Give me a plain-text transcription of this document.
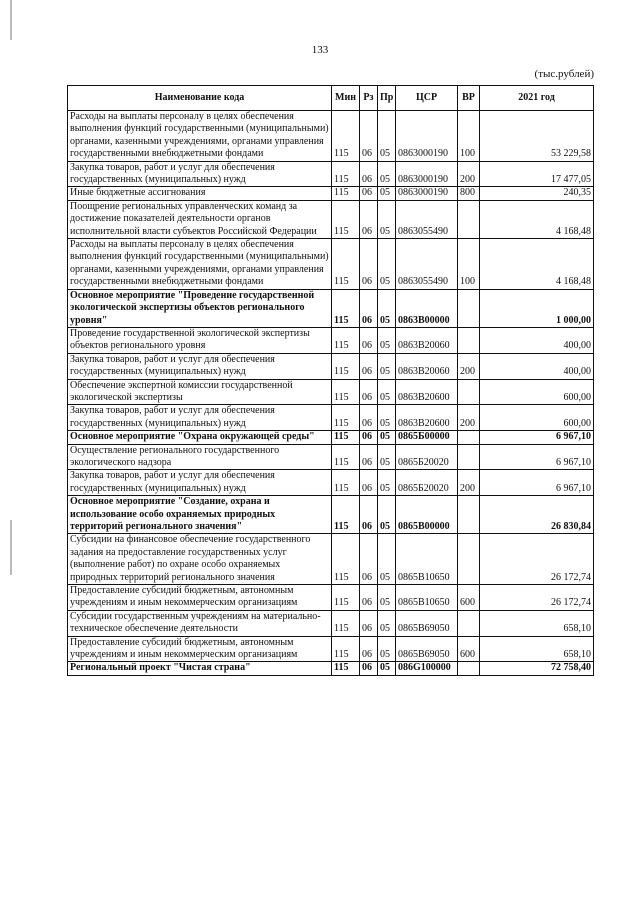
133
(тыс.рублей)
Наименование кода	Мин	Рз	Пр	ЦСР	ВР	2021 год
Расходы на выплаты персоналу в целях обеспечения выполнения функций государственными (муниципальными) органами, казенными учреждениями, органами управления государственными внебюджетными фондами	115	06	05	0863000190	100	53 229,58
Закупка товаров, работ и услуг для обеспечения государственных (муниципальных) нужд	115	06	05	0863000190	200	17 477,05
Иные бюджетные ассигнования	115	06	05	0863000190	800	240,35
Поощрение региональных управленческих команд за достижение показателей деятельности органов исполнительной власти субъектов Российской Федерации	115	06	05	0863055490		4 168,48
Расходы на выплаты персоналу в целях обеспечения выполнения функций государственными (муниципальными) органами, казенными учреждениями, органами управления государственными внебюджетными фондами	115	06	05	0863055490	100	4 168,48
Основное мероприятие "Проведение государственной экологической экспертизы объектов регионального уровня"	115	06	05	0863B00000		1 000,00
Проведение государственной экологической экспертизы объектов регионального уровня	115	06	05	0863B20060		400,00
Закупка товаров, работ и услуг для обеспечения государственных (муниципальных) нужд	115	06	05	0863B20060	200	400,00
Обеспечение экспертной комиссии государственной экологической экспертизы	115	06	05	0863B20600		600,00
Закупка товаров, работ и услуг для обеспечения государственных (муниципальных) нужд	115	06	05	0863B20600	200	600,00
Основное мероприятие "Охрана окружающей среды"	115	06	05	0865Б00000		6 967,10
Осуществление регионального государственного экологического надзора	115	06	05	0865Б20020		6 967,10
Закупка товаров, работ и услуг для обеспечения государственных (муниципальных) нужд	115	06	05	0865Б20020	200	6 967,10
Основное мероприятие "Создание, охрана и использование особо охраняемых природных территорий регионального значения"	115	06	05	0865B00000		26 830,84
Субсидии на финансовое обеспечение государственного задания на предоставление государственных услуг (выполнение работ) по охране особо охраняемых природных территорий регионального значения	115	06	05	0865B10650		26 172,74
Предоставление субсидий бюджетным, автономным учреждениям и иным некоммерческим организациям	115	06	05	0865B10650	600	26 172,74
Субсидии государственным учреждениям на материально-техническое обеспечение деятельности	115	06	05	0865B69050		658,10
Предоставление субсидий бюджетным, автономным учреждениям и иным некоммерческим организациям	115	06	05	0865B69050	600	658,10
Региональный проект "Чистая страна"	115	06	05	086G100000		72 758,40
